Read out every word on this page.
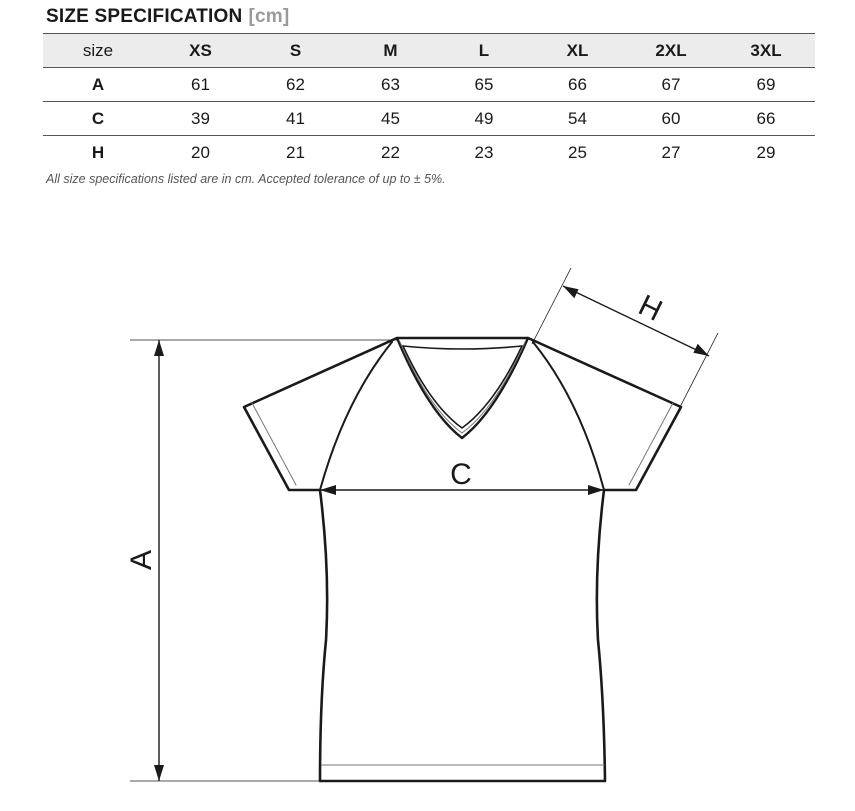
SIZE SPECIFICATION [cm]
size	XS	S	M	L	XL	2XL	3XL
A	61	62	63	65	66	67	69
C	39	41	45	49	54	60	66
H	20	21	22	23	25	27	29
All size specifications listed are in cm. Accepted tolerance of up to ± 5%.
A
C
H
